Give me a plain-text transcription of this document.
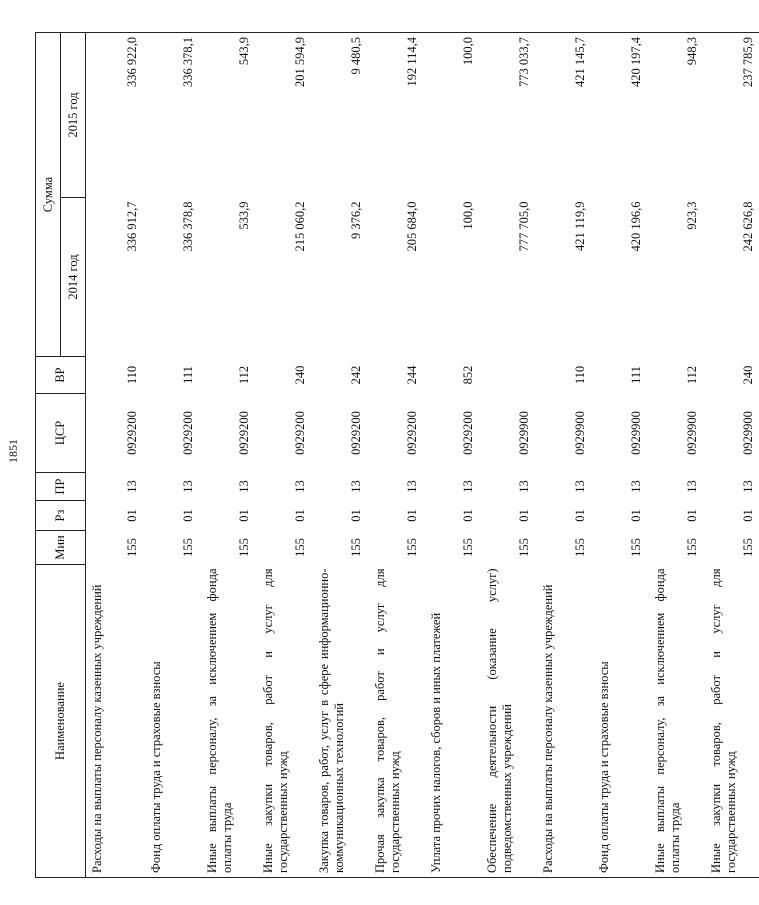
1851
Наименование	Мин	Рз	ПР	ЦСР	ВР	Сумма	
						2014 год	2015 год
Расходы на выплаты персоналу казенных учреждений	155	01	13	0929200	110	336 912,7	336 922,0
Фонд оплаты труда и страховые взносы	155	01	13	0929200	111	336 378,8	336 378,1
Иные выплаты персоналу, за исключением фонда оплаты труда	155	01	13	0929200	112	533,9	543,9
Иные закупки товаров, работ и услуг для государственных нужд	155	01	13	0929200	240	215 060,2	201 594,9
Закупка товаров, работ, услуг в сфере информационно-коммуникационных технологий	155	01	13	0929200	242	9 376,2	9 480,5
Прочая закупка товаров, работ и услуг для государственных нужд	155	01	13	0929200	244	205 684,0	192 114,4
Уплата прочих налогов, сборов и иных платежей	155	01	13	0929200	852	100,0	100,0
Обеспечение деятельности (оказание услуг) подведомственных учреждений	155	01	13	0929900		777 705,0	773 033,7
Расходы на выплаты персоналу казенных учреждений	155	01	13	0929900	110	421 119,9	421 145,7
Фонд оплаты труда и страховые взносы	155	01	13	0929900	111	420 196,6	420 197,4
Иные выплаты персоналу, за исключением фонда оплаты труда	155	01	13	0929900	112	923,3	948,3
Иные закупки товаров, работ и услуг для государственных нужд	155	01	13	0929900	240	242 626,8	237 785,9
